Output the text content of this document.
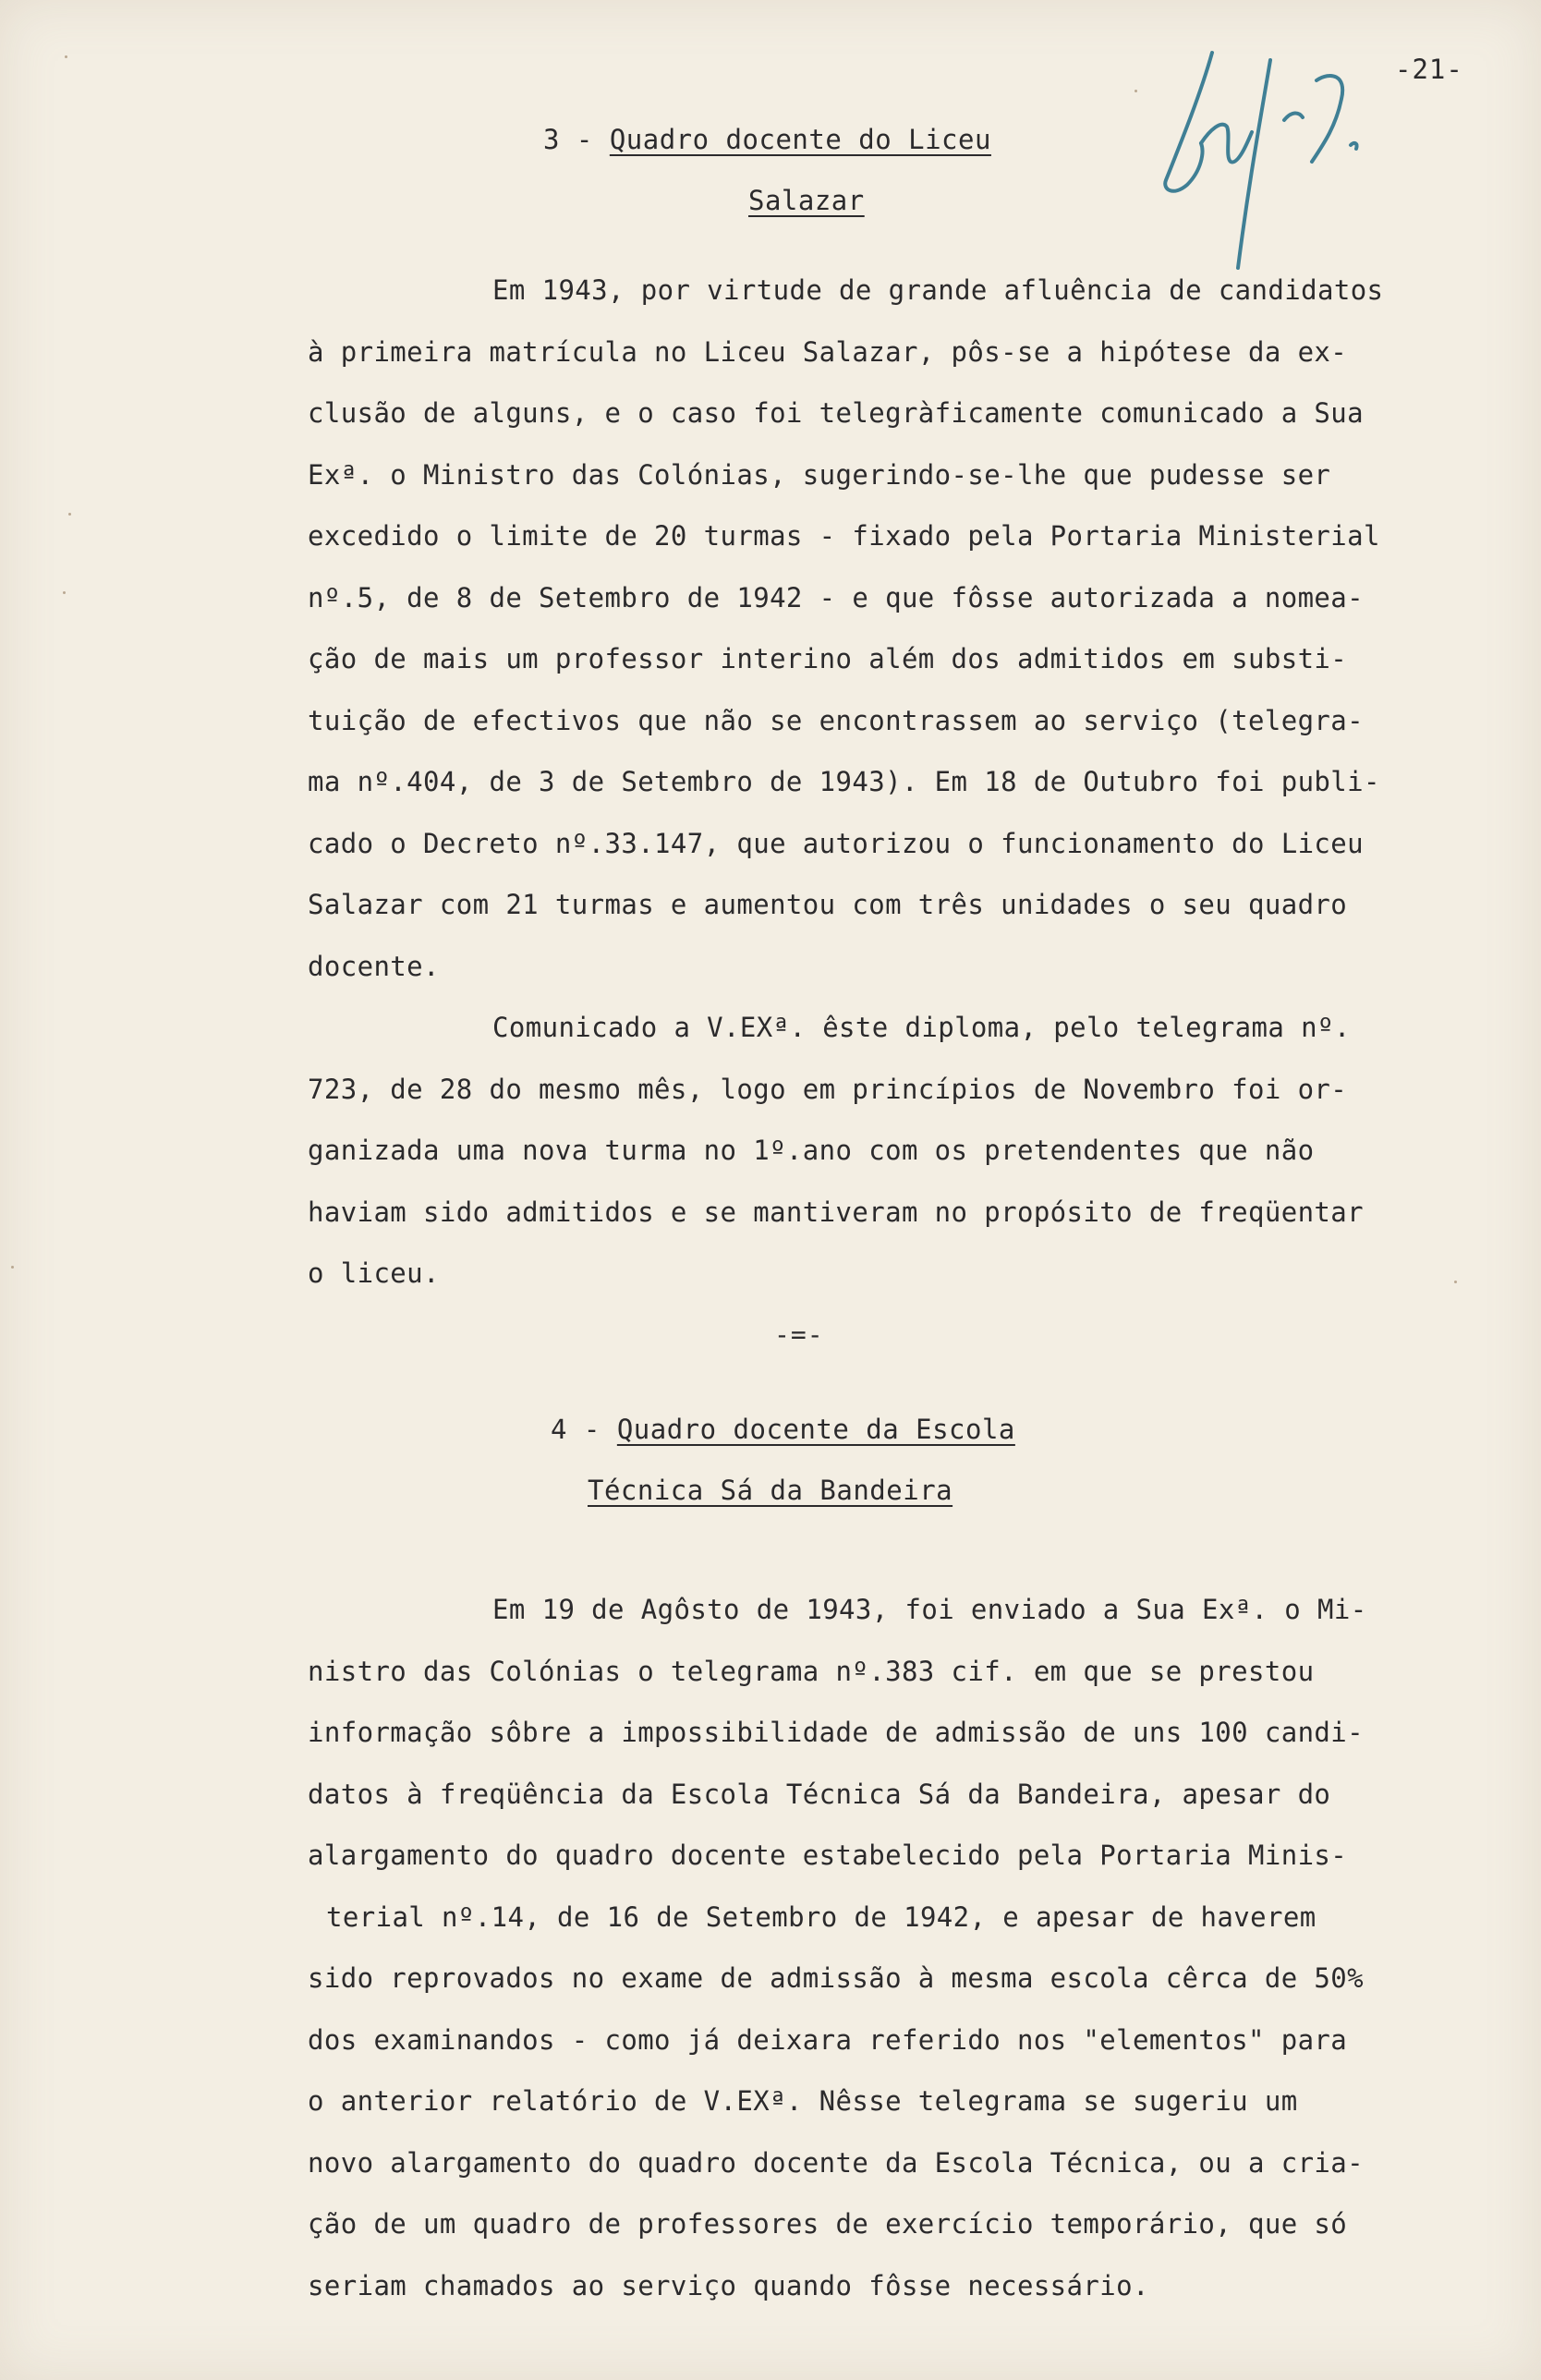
-21-
3 - Quadro docente do Liceu
Salazar
Em 1943, por virtude de grande afluência de candidatos
à primeira matrícula no Liceu Salazar, pôs-se a hipótese da ex-
clusão de alguns, e o caso foi telegràficamente comunicado a Sua
Exª. o Ministro das Colónias, sugerindo-se-lhe que pudesse ser
excedido o limite de 20 turmas - fixado pela Portaria Ministerial
nº.5, de 8 de Setembro de 1942 - e que fôsse autorizada a nomea-
ção de mais um professor interino além dos admitidos em substi-
tuição de efectivos que não se encontrassem ao serviço (telegra-
ma nº.404, de 3 de Setembro de 1943). Em 18 de Outubro foi publi-
cado o Decreto nº.33.147, que autorizou o funcionamento do Liceu
Salazar com 21 turmas e aumentou com três unidades o seu quadro
docente.
Comunicado a V.EXª. êste diploma, pelo telegrama nº.
723, de 28 do mesmo mês, logo em princípios de Novembro foi or-
ganizada uma nova turma no 1º.ano com os pretendentes que não
haviam sido admitidos e se mantiveram no propósito de freqüentar
o liceu.
-=-
4 - Quadro docente da Escola
Técnica Sá da Bandeira
Em 19 de Agôsto de 1943, foi enviado a Sua Exª. o Mi-
nistro das Colónias o telegrama nº.383 cif. em que se prestou
informação sôbre a impossibilidade de admissão de uns 100 candi-
datos à freqüência da Escola Técnica Sá da Bandeira, apesar do
alargamento do quadro docente estabelecido pela Portaria Minis-
terial nº.14, de 16 de Setembro de 1942, e apesar de haverem
sido reprovados no exame de admissão à mesma escola cêrca de 50%
dos examinandos - como já deixara referido nos "elementos" para
o anterior relatório de V.EXª. Nêsse telegrama se sugeriu um
novo alargamento do quadro docente da Escola Técnica, ou a cria-
ção de um quadro de professores de exercício temporário, que só
seriam chamados ao serviço quando fôsse necessário.
